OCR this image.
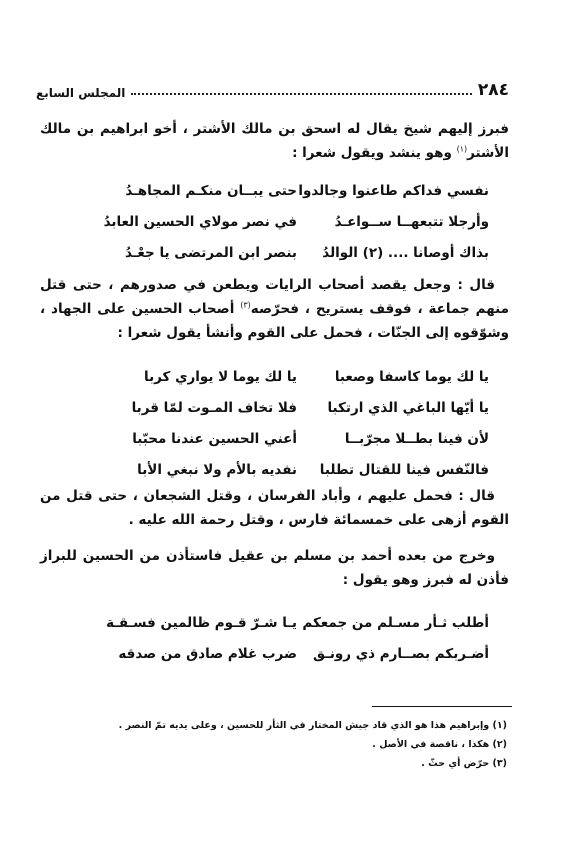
٢٨٤
المجلس السابع
فبرز إليهم شيخ يقال له اسحق بن مالك الأشتر ، أخو ابراهيم بن مالك الأشتر$^{(١)}$ وهو ينشد ويقول شعرا :
نفسي فداكم طاعنوا وجالدوا
حتى يبــان منكـم المجاهـدُ
وأرجلا تتبعهــا ســواعـدُ
في نصر مولاي الحسين العابدُ
بذاك أوصانا .... (٢) الوالدُ
بنصر ابن المرتضى يا جعْـدُ
قال : وجعل يقصد أصحاب الرايات ويطعن في صدورهم ، حتى قتل منهم جماعة ، فوقف يستريح ، فحرّصه$^{(٣)}$ أصحاب الحسين على الجهاد ، وشوّقوه إلى الجنّات ، فحمل على القوم وأنشأ يقول شعرا :
يا لك يوما كاسفا وصعبا
يا لك يوما لا يواري كربا
يا أيّها الباغي الذي ارتكبا
فلا تخاف المـوت لمّا قربا
لأن فينا بطــلا مجرّبــا
أعني الحسين عندنا محبّبا
فالنّفس فينا للقتال تطلبا
نفديه بالأم ولا نبغي الأبا
قال : فحمل عليهم ، وأباد الفرسان ، وقتل الشجعان ، حتى قتل من القوم أزهى على خمسمائة فارس ، وقتل رحمة الله عليه .
وخرج من بعده أحمد بن مسلم بن عقيل فاستأذن من الحسين للبراز فأذن له فبرز وهو يقول :
أطلب ثـأر مسـلم من جمعكم
يـا شـرّ قـوم ظالمين فسـقـة
أضـربكم بصــارم ذي رونـق
ضرب غلام صادق من صدقه
(١) وإبراهيم هذا هو الذي قاد جيش المختار في الثأر للحسين ، وعلى يديه تمّ النصر .
(٢) هكذا ، ناقصة في الأصل .
(٣) حرّض أي حثّ .
